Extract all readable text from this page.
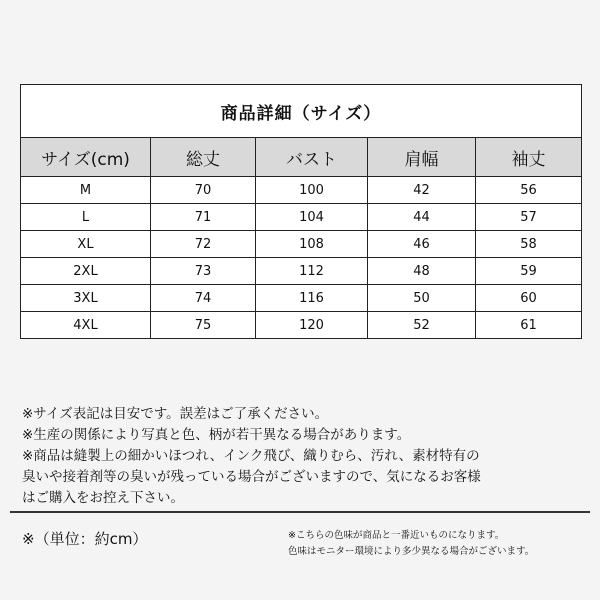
商品詳細（サイズ）				
サイズ(cm)	総丈	バスト	肩幅	袖丈
M	70	100	42	56
L	71	104	44	57
XL	72	108	46	58
2XL	73	112	48	59
3XL	74	116	50	60
4XL	75	120	52	61
※サイズ表記は目安です。誤差はご了承ください。
※生産の関係により写真と色、柄が若干異なる場合があります。
※商品は縫製上の細かいほつれ、インク飛び、織りむら、汚れ、素材特有の
臭いや接着剤等の臭いが残っている場合がございますので、気になるお客様
はご購入をお控え下さい。
※（単位：約cm）	※こちらの色味が商品と一番近いものになります。
色味はモニター環境により多少異なる場合がございます。
